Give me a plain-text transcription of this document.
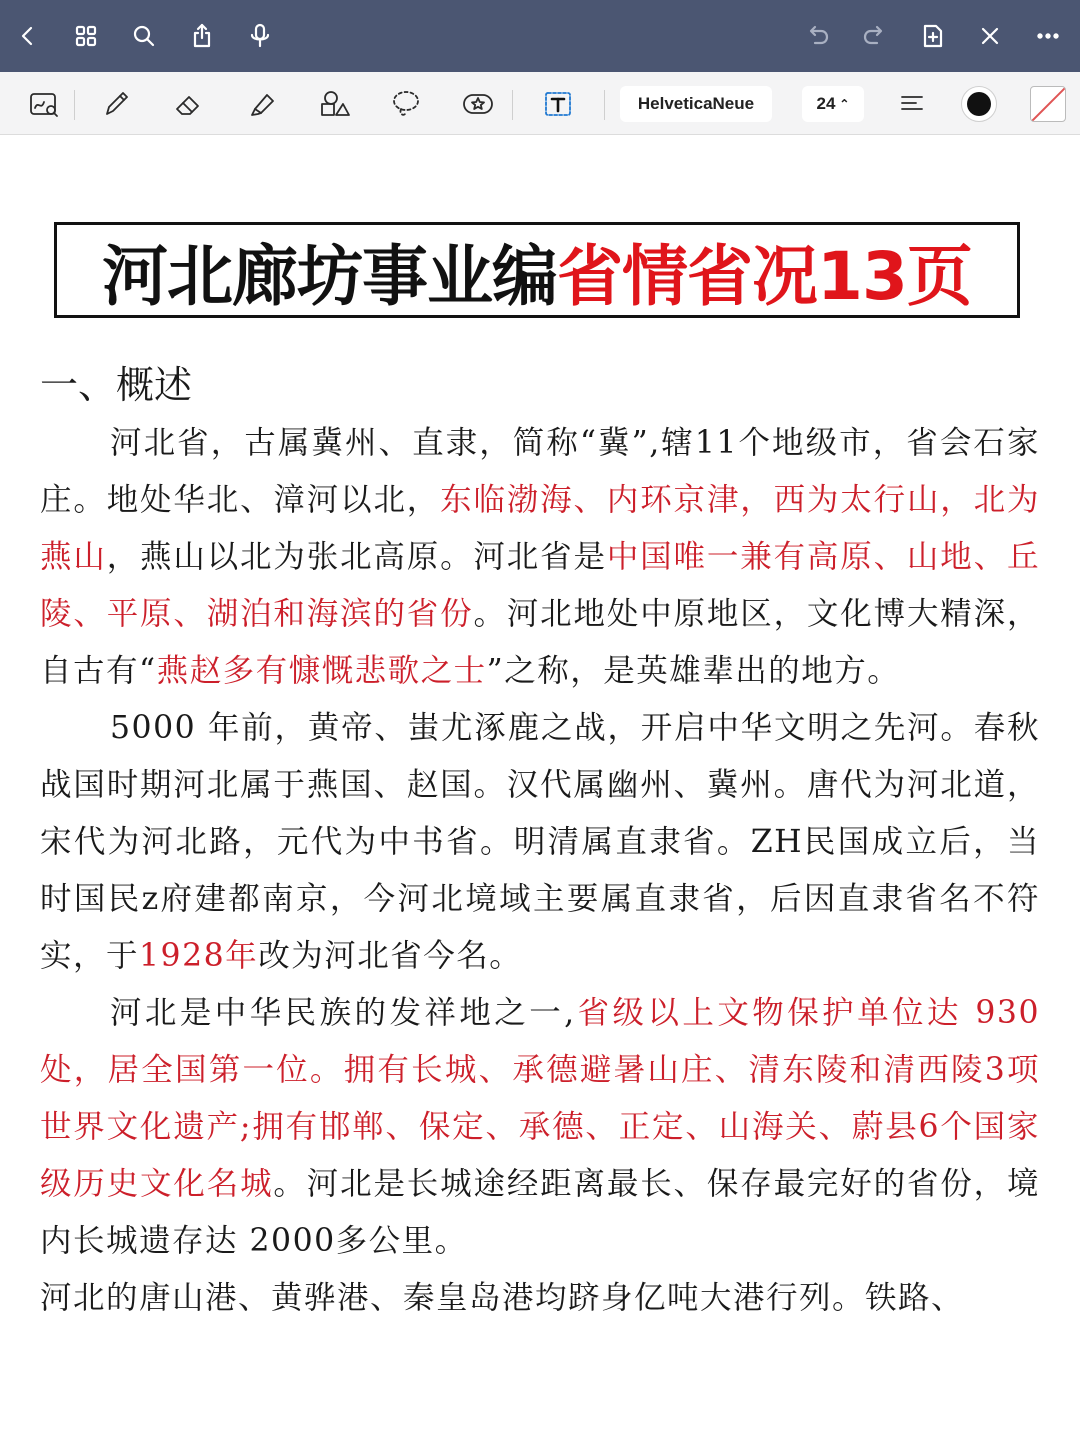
HelveticaNeue	24 ⌃
河北廊坊事业编 省情省况13页
一、概述

河北省，古属冀州、直隶，简称“冀”,辖11个地级市，省会石家庄。地处华北、漳河以北，东临渤海、内环京津，西为太行山，北为燕山，燕山以北为张北高原。河北省是中国唯一兼有高原、山地、丘陵、平原、湖泊和海滨的省份。河北地处中原地区，文化博大精深，自古有“燕赵多有慷慨悲歌之士”之称，是英雄辈出的地方。

5000 年前，黄帝、蚩尤涿鹿之战，开启中华文明之先河。春秋战国时期河北属于燕国、赵国。汉代属幽州、冀州。唐代为河北道，宋代为河北路，元代为中书省。明清属直隶省。ZH民国成立后，当时国民z府建都南京，今河北境域主要属直隶省，后因直隶省名不符实，于1928年改为河北省今名。

河北是中华民族的发祥地之一,省级以上文物保护单位达 930处，居全国第一位。拥有长城、承德避暑山庄、清东陵和清西陵3项世界文化遗产;拥有邯郸、保定、承德、正定、山海关、蔚县6个国家级历史文化名城。河北是长城途经距离最长、保存最完好的省份，境内长城遗存达 2000多公里。

河北的唐山港、黄骅港、秦皇岛港均跻身亿吨大港行列。铁路、
